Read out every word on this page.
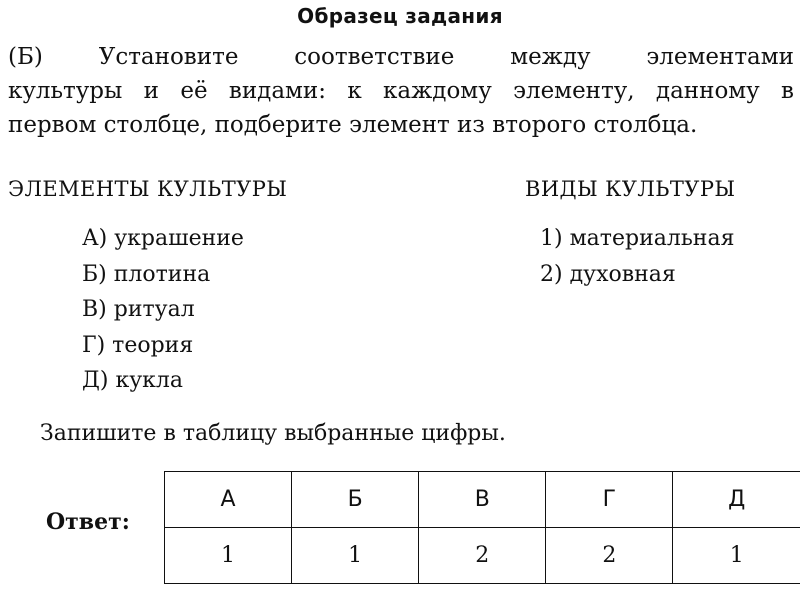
Образец задания
(Б) Установите соответствие между элементами
культуры и её видами: к каждому элементу, данному в
первом столбце, подберите элемент из второго столбца.
ЭЛЕМЕНТЫ КУЛЬТУРЫ	ВИДЫ КУЛЬТУРЫ
А) украшение
Б) плотина
В) ритуал
Г) теория
Д) кукла
1) материальная
2) духовная
Запишите в таблицу выбранные цифры.
Ответ:
А	Б	В	Г	Д
1	1	2	2	1
